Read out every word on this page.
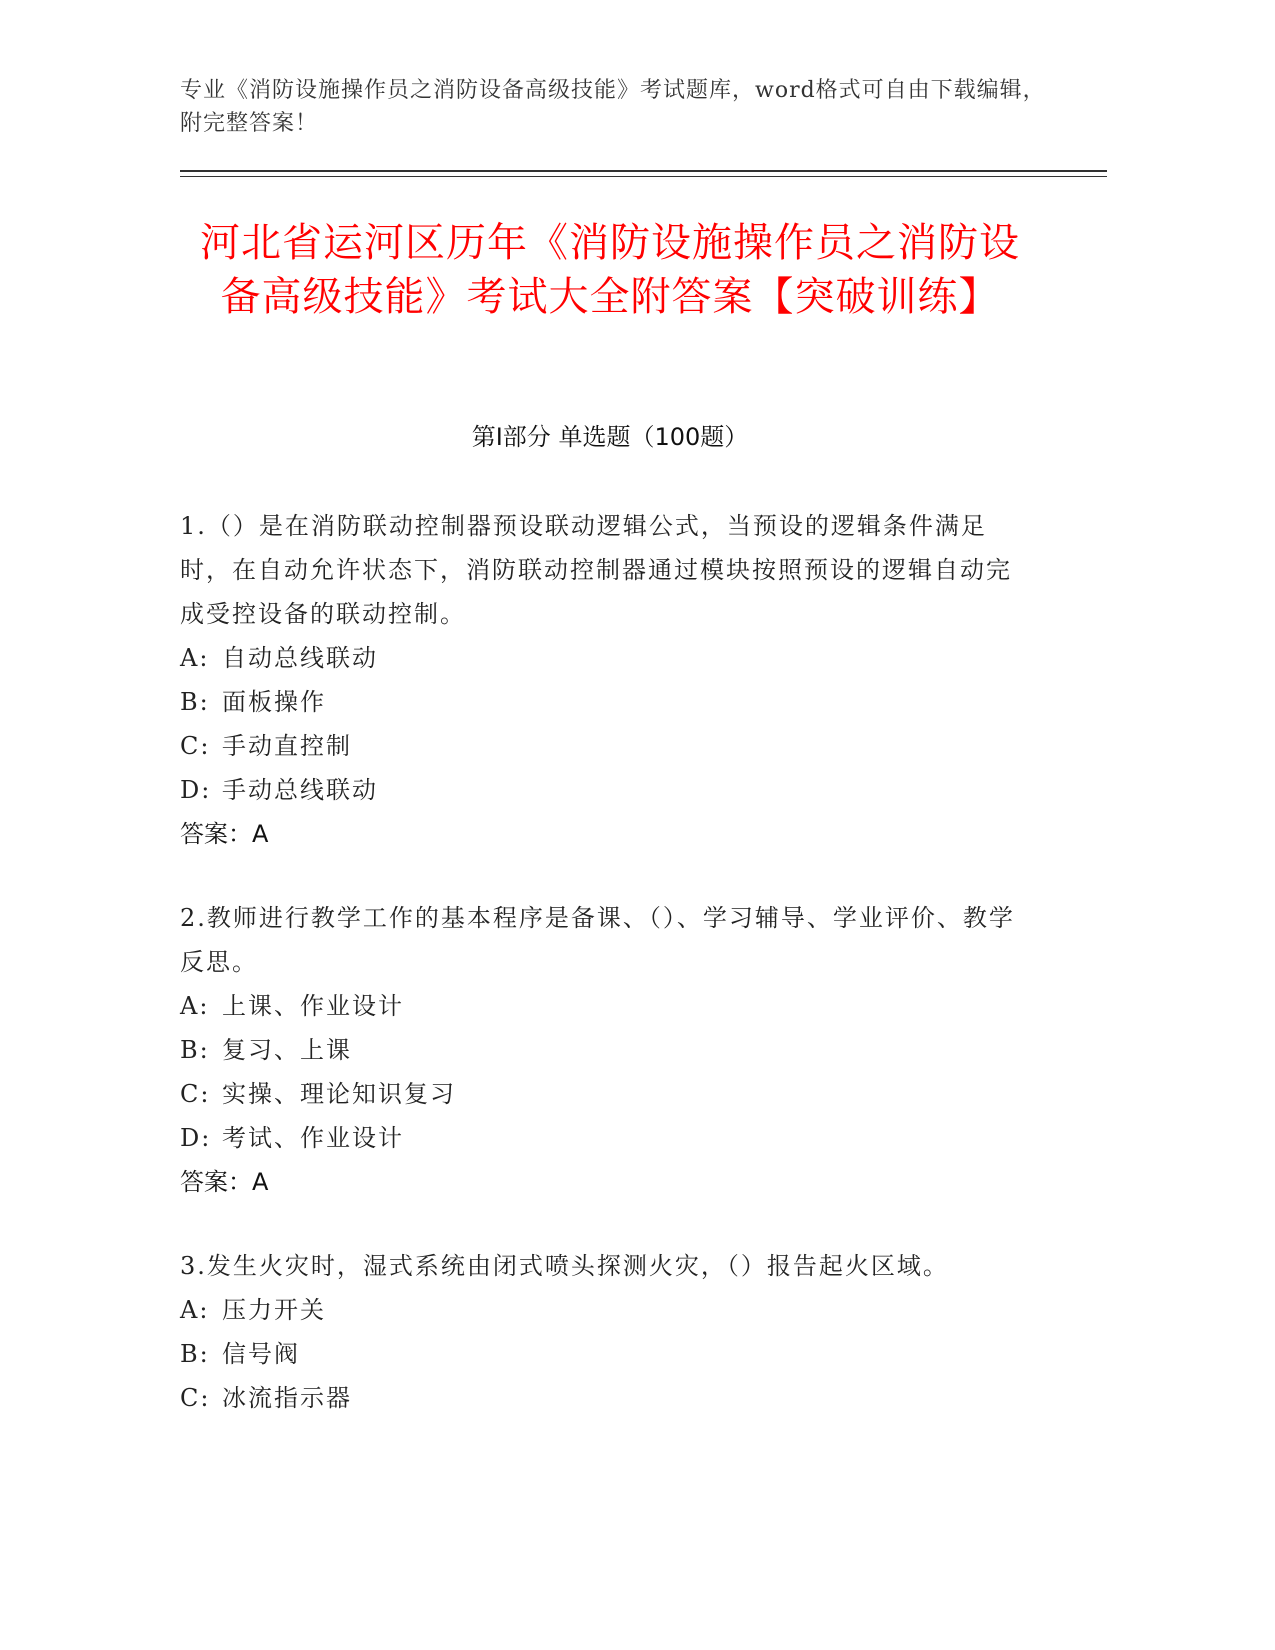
专业《消防设施操作员之消防设备高级技能》考试题库，word格式可自由下载编辑，附完整答案！
河北省运河区历年《消防设施操作员之消防设备高级技能》考试大全附答案【突破训练】
第I部分 单选题（100题）
1.（）是在消防联动控制器预设联动逻辑公式，当预设的逻辑条件满足时，在自动允许状态下，消防联动控制器通过模块按照预设的逻辑自动完成受控设备的联动控制。
A: 自动总线联动
B: 面板操作
C: 手动直控制
D: 手动总线联动
答案：A
2.教师进行教学工作的基本程序是备课、（）、学习辅导、学业评价、教学反思。
A: 上课、作业设计
B: 复习、上课
C: 实操、理论知识复习
D: 考试、作业设计
答案：A
3.发生火灾时，湿式系统由闭式喷头探测火灾，（）报告起火区域。
A: 压力开关
B: 信号阀
C: 冰流指示器
